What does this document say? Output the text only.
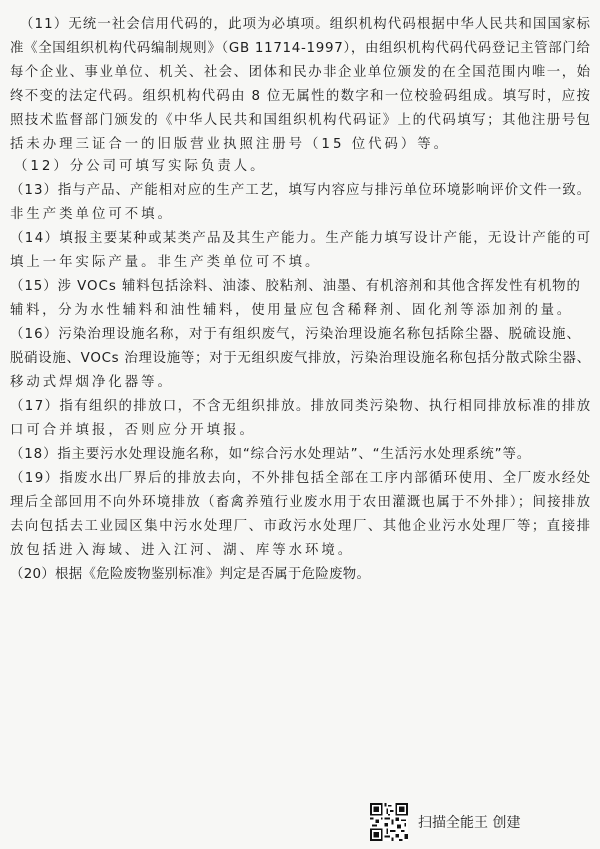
（11）无统一社会信用代码的，此项为必填项。组织机构代码根据中华人民共和国国家标
准《全国组织机构代码编制规则》（GB 11714-1997），由组织机构代码代码登记主管部门给
每个企业、事业单位、机关、社会、团体和民办非企业单位颁发的在全国范围内唯一，始
终不变的法定代码。组织机构代码由 8 位无属性的数字和一位校验码组成。填写时，应按
照技术监督部门颁发的《中华人民共和国组织机构代码证》上的代码填写；其他注册号包
括未办理三证合一的旧版营业执照注册号（15 位代码）等。
（12）分公司可填写实际负责人。
（13）指与产品、产能相对应的生产工艺，填写内容应与排污单位环境影响评价文件一致。
非生产类单位可不填。
（14）填报主要某种或某类产品及其生产能力。生产能力填写设计产能，无设计产能的可
填上一年实际产量。非生产类单位可不填。
（15）涉 VOCs 辅料包括涂料、油漆、胶粘剂、油墨、有机溶剂和其他含挥发性有机物的
辅料，分为水性辅料和油性辅料，使用量应包含稀释剂、固化剂等添加剂的量。
（16）污染治理设施名称，对于有组织废气，污染治理设施名称包括除尘器、脱硫设施、
脱硝设施、VOCs 治理设施等；对于无组织废气排放，污染治理设施名称包括分散式除尘器、
移动式焊烟净化器等。
（17）指有组织的排放口，不含无组织排放。排放同类污染物、执行相同排放标准的排放
口可合并填报，否则应分开填报。
（18）指主要污水处理设施名称，如“综合污水处理站”、“生活污水处理系统”等。
（19）指废水出厂界后的排放去向，不外排包括全部在工序内部循环使用、全厂废水经处
理后全部回用不向外环境排放（畜禽养殖行业废水用于农田灌溉也属于不外排）；间接排放
去向包括去工业园区集中污水处理厂、市政污水处理厂、其他企业污水处理厂等；直接排
放包括进入海域、进入江河、湖、库等水环境。
（20）根据《危险废物鉴别标准》判定是否属于危险废物。
扫描全能王 创建
